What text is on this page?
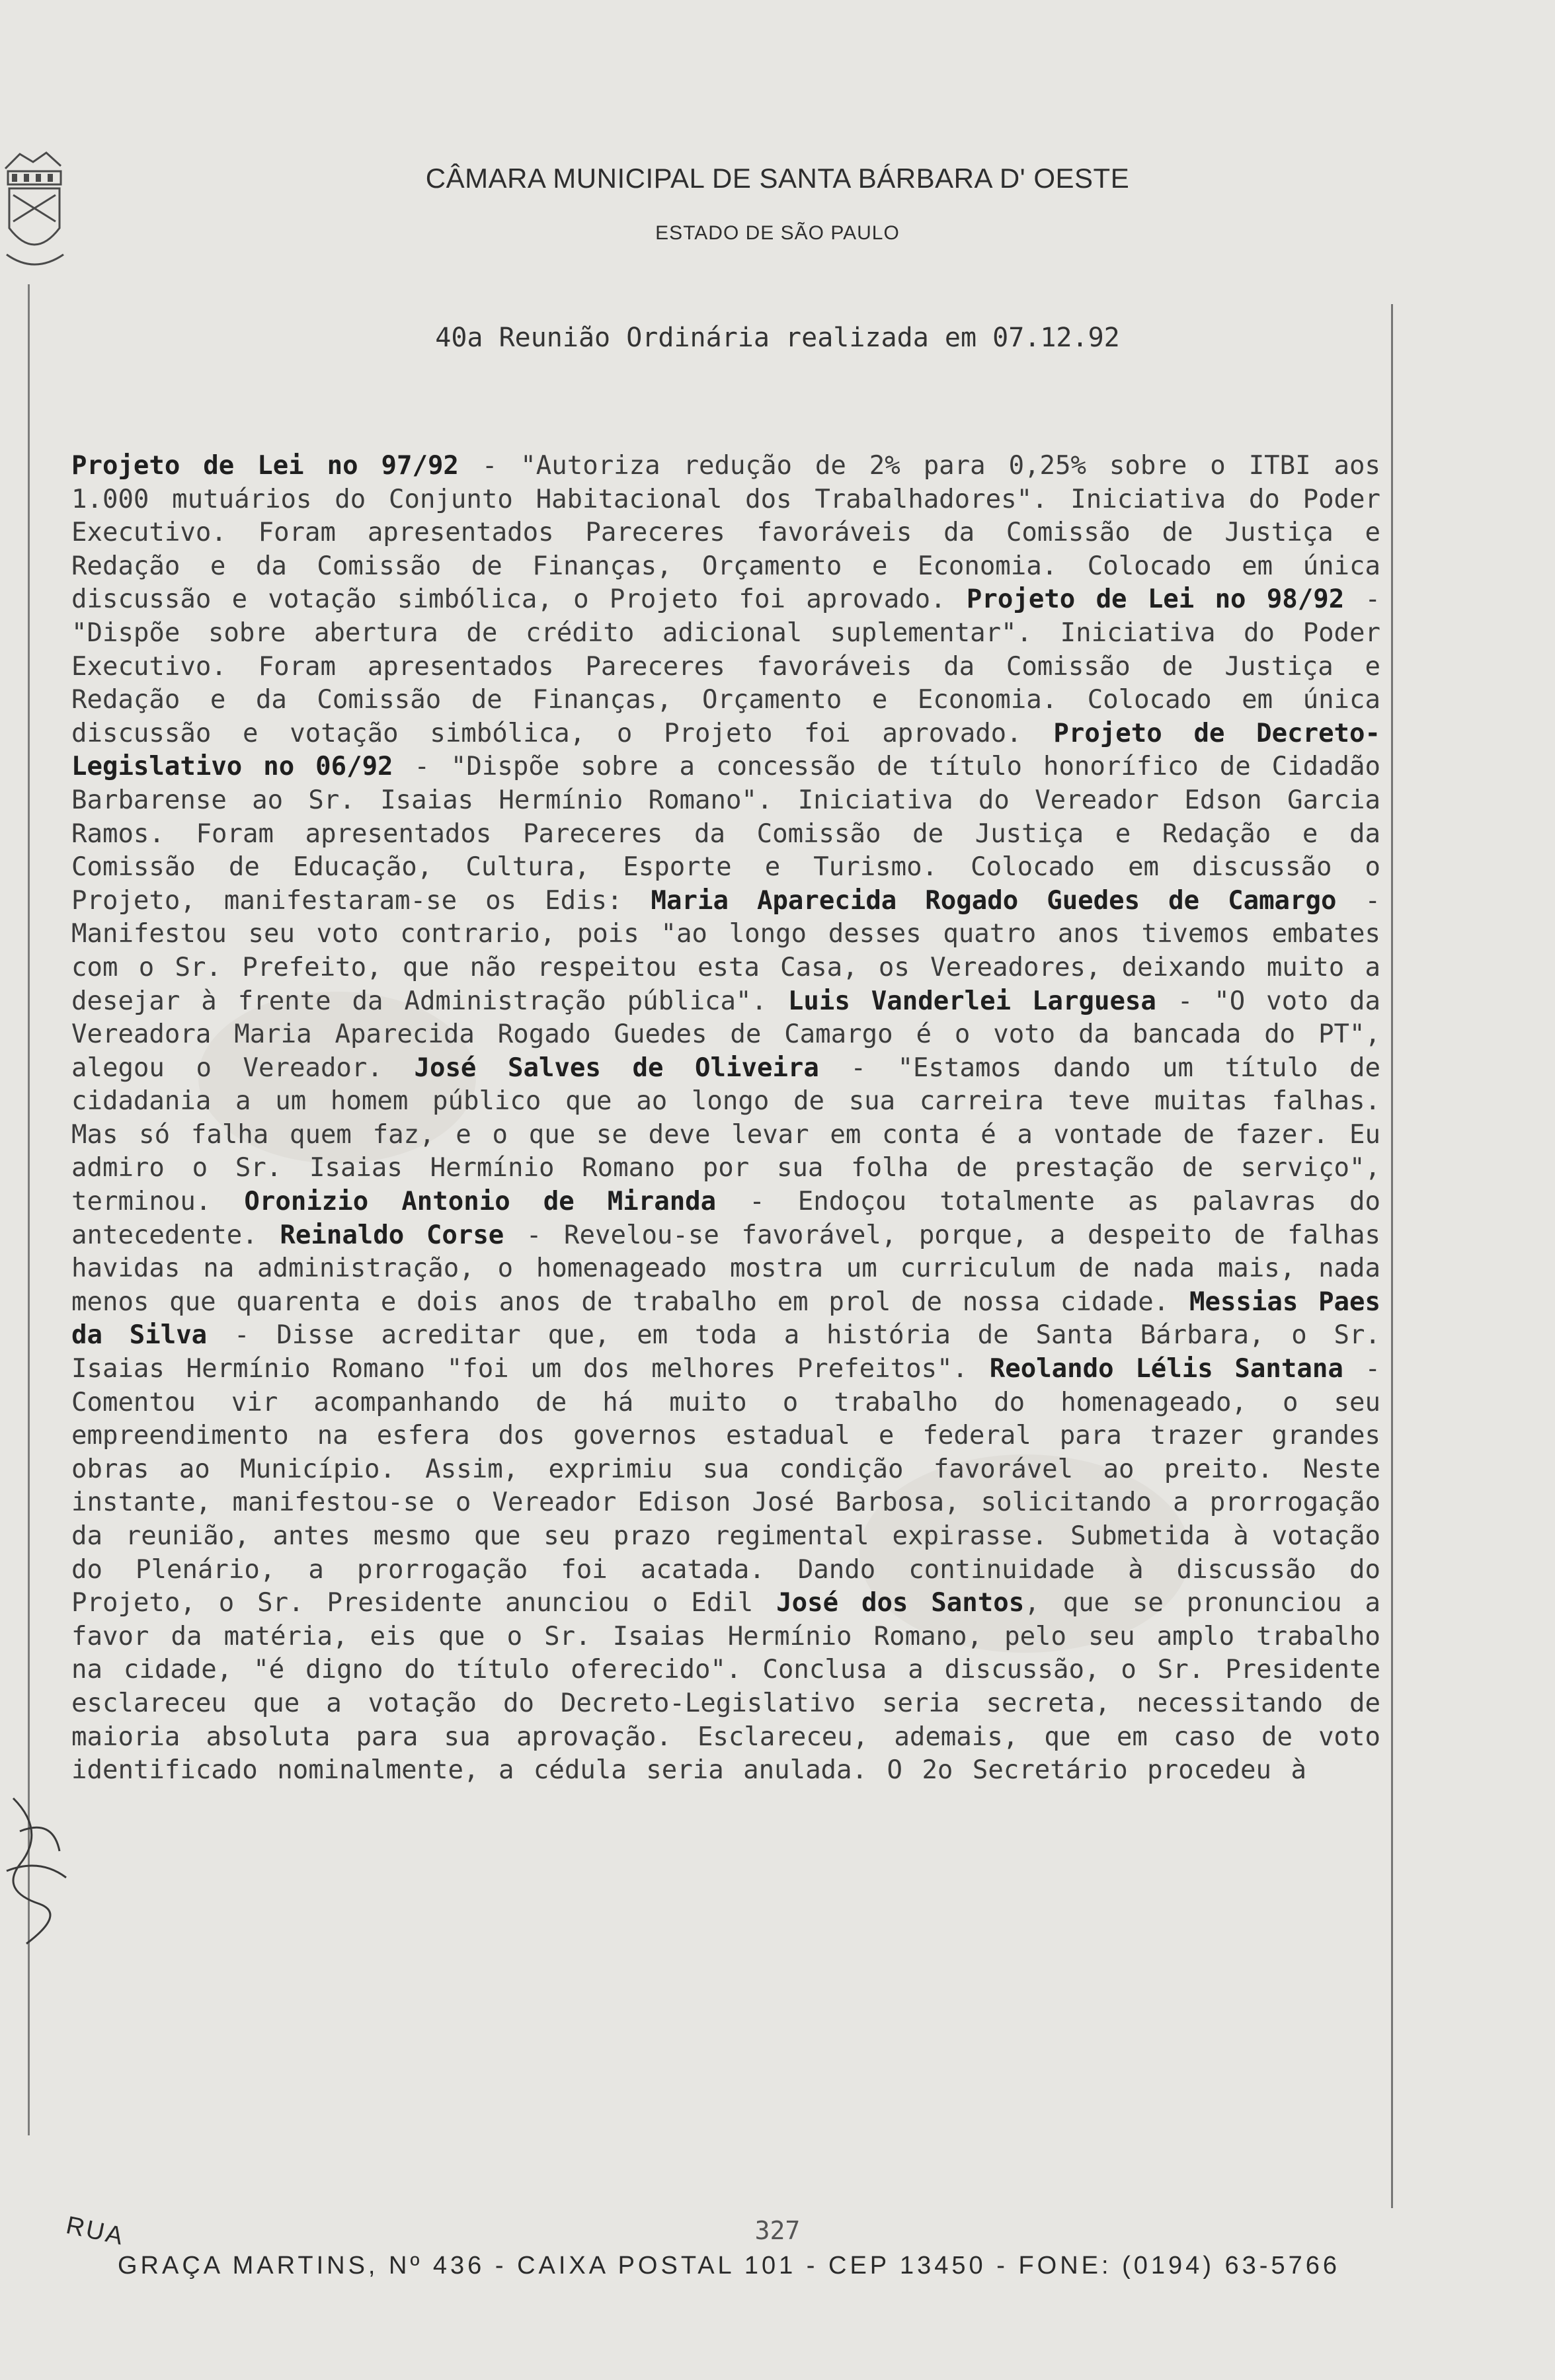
CÂMARA MUNICIPAL DE SANTA BÁRBARA D' OESTE
ESTADO DE SÃO PAULO
40a Reunião Ordinária realizada em 07.12.92
Projeto de Lei no 97/92 - "Autoriza redução de 2% para 0,25% sobre o ITBI aos 1.000 mutuários do Conjunto Habitacional dos Trabalhadores". Iniciativa do Poder Executivo. Foram apresentados Pareceres favoráveis da Comissão de Justiça e Redação e da Comissão de Finanças, Orçamento e Economia. Colocado em única discussão e votação simbólica, o Projeto foi aprovado. Projeto de Lei no 98/92 - "Dispõe sobre abertura de crédito adicional suplementar". Iniciativa do Poder Executivo. Foram apresentados Pareceres favoráveis da Comissão de Justiça e Redação e da Comissão de Finanças, Orçamento e Economia. Colocado em única discussão e votação simbólica, o Projeto foi aprovado. Projeto de Decreto-Legislativo no 06/92 - "Dispõe sobre a concessão de título honorífico de Cidadão Barbarense ao Sr. Isaias Hermínio Romano". Iniciativa do Vereador Edson Garcia Ramos. Foram apresentados Pareceres da Comissão de Justiça e Redação e da Comissão de Educação, Cultura, Esporte e Turismo. Colocado em discussão o Projeto, manifestaram-se os Edis: Maria Aparecida Rogado Guedes de Camargo - Manifestou seu voto contrario, pois "ao longo desses quatro anos tivemos embates com o Sr. Prefeito, que não respeitou esta Casa, os Vereadores, deixando muito a desejar à frente da Administração pública". Luis Vanderlei Larguesa - "O voto da Vereadora Maria Aparecida Rogado Guedes de Camargo é o voto da bancada do PT", alegou o Vereador. José Salves de Oliveira - "Estamos dando um título de cidadania a um homem público que ao longo de sua carreira teve muitas falhas. Mas só falha quem faz, e o que se deve levar em conta é a vontade de fazer. Eu admiro o Sr. Isaias Hermínio Romano por sua folha de prestação de serviço", terminou. Oronizio Antonio de Miranda - Endoçou totalmente as palavras do antecedente. Reinaldo Corse - Revelou-se favorável, porque, a despeito de falhas havidas na administração, o homenageado mostra um curriculum de nada mais, nada menos que quarenta e dois anos de trabalho em prol de nossa cidade. Messias Paes da Silva - Disse acreditar que, em toda a história de Santa Bárbara, o Sr. Isaias Hermínio Romano "foi um dos melhores Prefeitos". Reolando Lélis Santana - Comentou vir acompanhando de há muito o trabalho do homenageado, o seu empreendimento na esfera dos governos estadual e federal para trazer grandes obras ao Município. Assim, exprimiu sua condição favorável ao preito. Neste instante, manifestou-se o Vereador Edison José Barbosa, solicitando a prorrogação da reunião, antes mesmo que seu prazo regimental expirasse. Submetida à votação do Plenário, a prorrogação foi acatada. Dando continuidade à discussão do Projeto, o Sr. Presidente anunciou o Edil José dos Santos, que se pronunciou a favor da matéria, eis que o Sr. Isaias Hermínio Romano, pelo seu amplo trabalho na cidade, "é digno do título oferecido". Conclusa a discussão, o Sr. Presidente esclareceu que a votação do Decreto-Legislativo seria secreta, necessitando de maioria absoluta para sua aprovação. Esclareceu, ademais, que em caso de voto identificado nominalmente, a cédula seria anulada. O 2o Secretário procedeu à
327
RUA
GRAÇA MARTINS, Nº 436 - CAIXA POSTAL 101 - CEP 13450 - FONE: (0194) 63-5766
